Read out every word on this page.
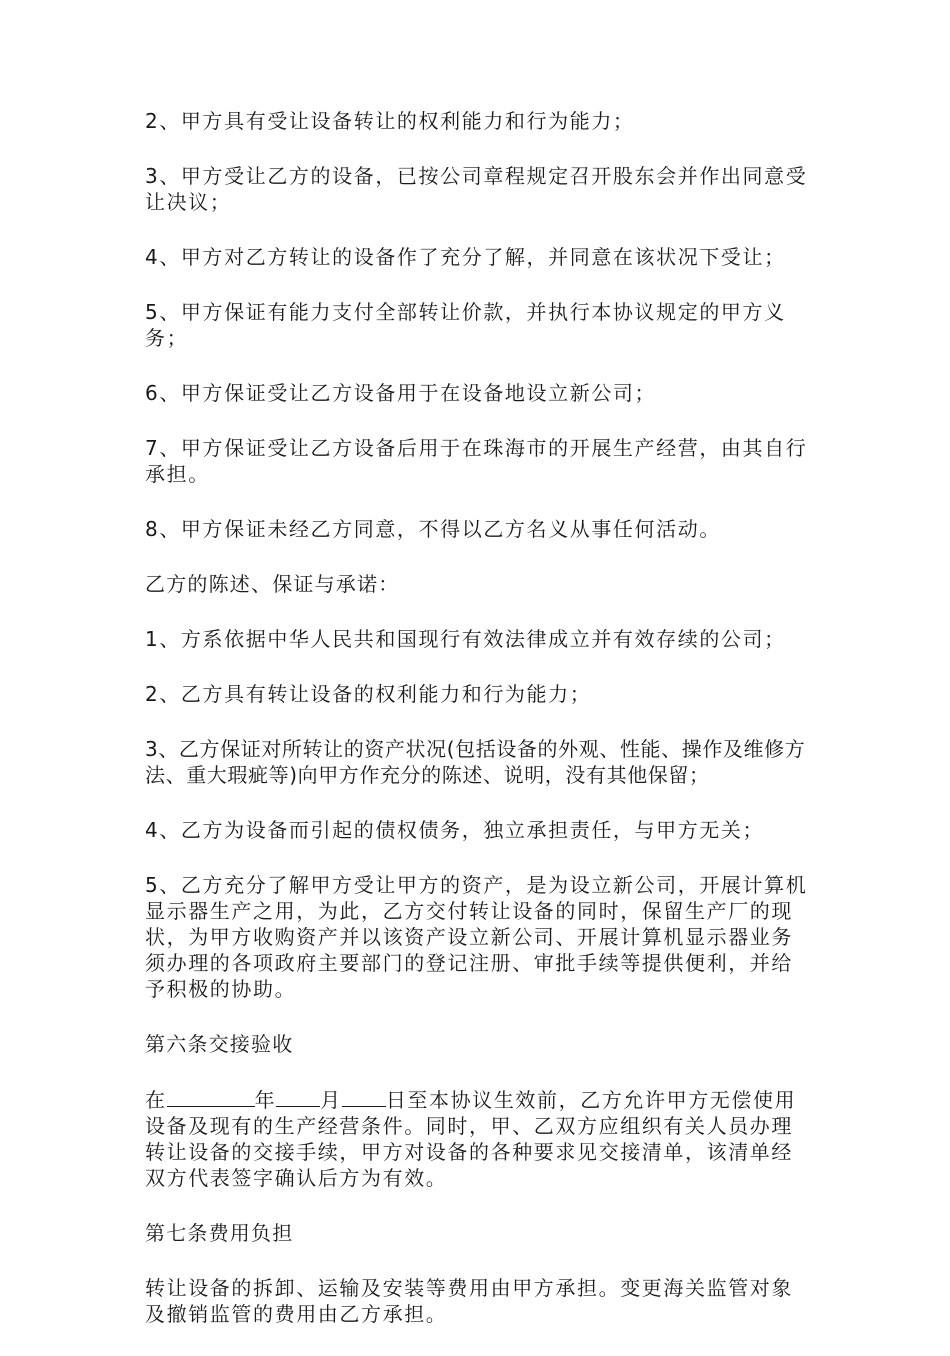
2、甲方具有受让设备转让的权利能力和行为能力；

3、甲方受让乙方的设备，已按公司章程规定召开股东会并作出同意受让决议；

4、甲方对乙方转让的设备作了充分了解，并同意在该状况下受让；

5、甲方保证有能力支付全部转让价款，并执行本协议规定的甲方义务；

6、甲方保证受让乙方设备用于在设备地设立新公司；

7、甲方保证受让乙方设备后用于在珠海市的开展生产经营，由其自行承担。

8、甲方保证未经乙方同意，不得以乙方名义从事任何活动。

乙方的陈述、保证与承诺：

1、方系依据中华人民共和国现行有效法律成立并有效存续的公司；

2、乙方具有转让设备的权利能力和行为能力；

3、乙方保证对所转让的资产状况(包括设备的外观、性能、操作及维修方法、重大瑕疵等)向甲方作充分的陈述、说明，没有其他保留；

4、乙方为设备而引起的债权债务，独立承担责任，与甲方无关；

5、乙方充分了解甲方受让甲方的资产，是为设立新公司，开展计算机显示器生产之用，为此，乙方交付转让设备的同时，保留生产厂的现状，为甲方收购资产并以该资产设立新公司、开展计算机显示器业务须办理的各项政府主要部门的登记注册、审批手续等提供便利，并给予积极的协助。

第六条交接验收

在	年 月 日至本协议生效前，乙方允许甲方无偿使用设备及现有的生产经营条件。同时，甲、乙双方应组织有关人员办理转让设备的交接手续，甲方对设备的各种要求见交接清单，该清单经双方代表签字确认后方为有效。

第七条费用负担

转让设备的拆卸、运输及安装等费用由甲方承担。变更海关监管对象及撤销监管的费用由乙方承担。
